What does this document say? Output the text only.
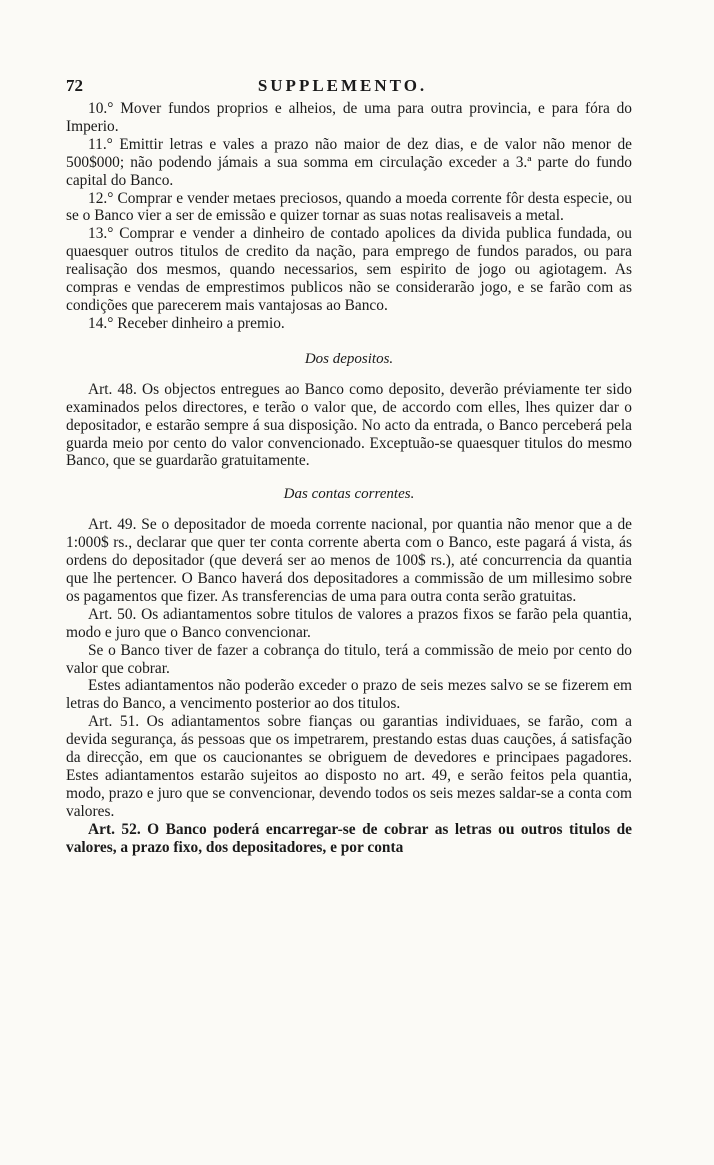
72	SUPPLEMENTO.

10.° Mover fundos proprios e alheios, de uma para outra provincia, e para fóra do Imperio.

11.° Emittir letras e vales a prazo não maior de dez dias, e de valor não menor de 500$000; não podendo jámais a sua somma em circulação exceder a 3.ª parte do fundo capital do Banco.

12.° Comprar e vender metaes preciosos, quando a moeda corrente fôr desta especie, ou se o Banco vier a ser de emissão e quizer tornar as suas notas realisaveis a metal.

13.° Comprar e vender a dinheiro de contado apolices da divida publica fundada, ou quaesquer outros titulos de credito da nação, para emprego de fundos parados, ou para realisação dos mesmos, quando necessarios, sem espirito de jogo ou agiotagem. As compras e vendas de emprestimos publicos não se considerarão jogo, e se farão com as condições que parecerem mais vantajosas ao Banco.

14.° Receber dinheiro a premio.

Dos depositos.

Art. 48. Os objectos entregues ao Banco como deposito, deverão préviamente ter sido examinados pelos directores, e terão o valor que, de accordo com elles, lhes quizer dar o depositador, e estarão sempre á sua disposição. No acto da entrada, o Banco perceberá pela guarda meio por cento do valor convencionado. Exceptuão-se quaesquer titulos do mesmo Banco, que se guardarão gratuitamente.

Das contas correntes.

Art. 49. Se o depositador de moeda corrente nacional, por quantia não menor que a de 1:000$ rs., declarar que quer ter conta corrente aberta com o Banco, este pagará á vista, ás ordens do depositador (que deverá ser ao menos de 100$ rs.), até concurrencia da quantia que lhe pertencer. O Banco haverá dos depositadores a commissão de um millesimo sobre os pagamentos que fizer. As transferencias de uma para outra conta serão gratuitas.

Art. 50. Os adiantamentos sobre titulos de valores a prazos fixos se farão pela quantia, modo e juro que o Banco convencionar.

Se o Banco tiver de fazer a cobrança do titulo, terá a commissão de meio por cento do valor que cobrar.

Estes adiantamentos não poderão exceder o prazo de seis mezes salvo se se fizerem em letras do Banco, a vencimento posterior ao dos titulos.

Art. 51. Os adiantamentos sobre fianças ou garantias individuaes, se farão, com a devida segurança, ás pessoas que os impetrarem, prestando estas duas cauções, á satisfação da direcção, em que os caucionantes se obriguem de devedores e principaes pagadores. Estes adiantamentos estarão sujeitos ao disposto no art. 49, e serão feitos pela quantia, modo, prazo e juro que se convencionar, devendo todos os seis mezes saldar-se a conta com valores.

Art. 52. O Banco poderá encarregar-se de cobrar as letras ou outros titulos de valores, a prazo fixo, dos depositadores, e por conta
